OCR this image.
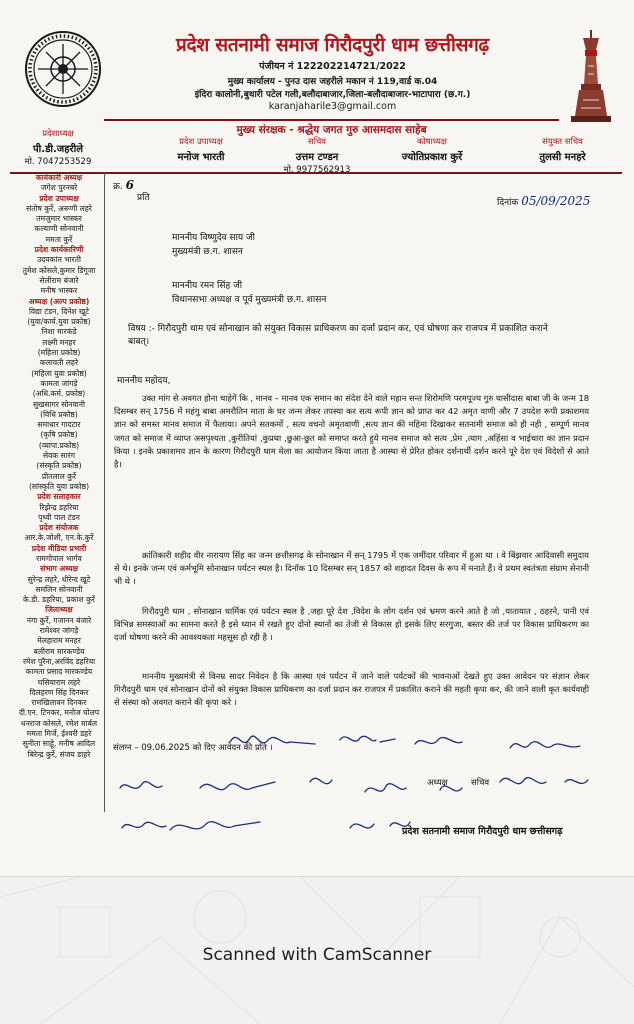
प्रदेश सतनामी समाज गिरौदपुरी धाम छत्तीसगढ़
पंजीयन नं 122202214721/2022
मुख्य कार्यालय - पुनउ दास जहरीले मकान नं 119,वार्ड क.04
इंदिरा कालोनी,बुधारी पटेल गली,बलौदाबाजार,जिला-बलौदाबाजार-भाटापारा (छ.ग.)
karanjaharile3@gmail.com
मुख्य संरक्षक - श्रद्धेय जगत गुरु आसमदास साहेब
प्रदेशाध्यक्ष
पी.डी.जहरीले
मो. 7047253529
प्रदेश उपाध्यक्ष
मनोज भारती
सचिव
उत्तम टण्डन
मो. 9977562913
कोषाध्यक्ष
ज्योतिप्रकाश कुर्रे
संयुक्त सचिव
तुलसी मनहरे
कार्यकारी अध्यक्ष
जगेश पुरनबरे
प्रदेश उपाध्यक्ष
संतोष कुर्रे, अरूणी लहरे
तमजुमार भास्कर
कल्याणी सोनवानी
ममता कुर्रे
प्रदेश कार्यकारिणी
उदयकांत भारती
तुमेश कोसले,कुमार डिगूजा
सेलीराम बंजारे
मनीष भास्कर
अध्यक्ष (अल्प प्रकोष्ठ)
विद्या टंडन, दिनेश खूटे
(युवा/कार्य.युवा प्रकोष्ठ)
निशा मारकंडे
लक्ष्मी मनहर
(महिला प्रकोष्ठ)
कलावती लहरे
(महिला युवा प्रकोष्ठ)
कामता जांगड़े
(अधि.कर्म. प्रकोष्ठ)
सुखसागर सोनवानी
(विधि प्रकोष्ठ)
समाधार गादटार
(कृषि प्रकोष्ठ)
(व्यापा.प्रकोष्ठ)
सेवक सारंग
(संस्कृति प्रकोष्ठ)
प्रीतलाल कुर्रे
(सांस्कृति युवा प्रकोष्ठ)
प्रदेश सलाहकार
रिझेन्द्र डहरिया
पृथ्वी पाल टंडन
प्रदेश संयोजक
आर.के.जोशी, एन.के.कुर्रे
प्रदेश मीडिया प्रभारी
रामगोपाल भार्गव
संभाग अध्यक्ष
सुरेन्द्र लहरे, धीरेन्द खूटे
समलिन सोनवानी
के.डी. डहरिया, प्रकाश कुर्रे
जिलाध्यक्ष
नंगा कुर्रे, गजानन बंजारे
रामेश्वर जांगड़े
मेलहाराम मनहर
बलीराम मारकण्डेय
रमेश पुरैना,अरविंद डहरिया
कामता प्रसाद मारकण्डेय
घसियाराम लहरे
दिलहरण सिंह दिनकर
रामखिलावन दिनकर
दी.एन. टिनकर, मनोज घोलप
धनराज कोसले, रमेश मार्बल
ममता मिर्जे, ईश्वरी डहरे
सुनीता साहेू, मनीष आदिल
बिरेन्द्र कुर्रे, संजय डाहरे
क्र. 6
प्रति	दिनांक 05/09/2025
माननीय विष्णुदेव साय जी
मुख्यमंत्री छ.ग. शासन
माननीय रमन सिंह जी
विधानसभा अध्यक्ष व पूर्व मुख्यमंत्री छ.ग. शासन
विषय :- गिरौदपुरी धाम एवं सोनाखान को संयुक्त विकास प्राधिकरण का दर्जा प्रदान कर, एवं घोषणा कर राजपत्र में प्रकाशित कराने बाबत्।
माननीय महोदय,

उक्त मांग से अवगत होना चाहेगें कि , मानव – मानव एक समान का संदेश देने वाले महान सन्त शिरोमणि परमपूज्य गुरु घासीदास बाबा जी के जन्म 18 दिसम्बर सन् 1756 में महंगु बाबा अमरौतिन माता के घर जन्म लेकर तपस्या कर सत्य रूपी ज्ञान को प्राप्त कर 42 अमृत वाणी और 7 उपदेश रूपी प्रकाशमय ज्ञान को समस्त मानव समाज में फैलाया। अपने सतकर्मो , सत्य वचनो अमृतवाणी ,सत्य ज्ञान की महिमा दिखाकर सतनामी समाज को ही नही , सम्पूर्ण मानव जगत को समाज में व्याप्त असपृश्यता ,कुरीतियां ,कुप्रथा ,छुआ-छुत को समाप्त करते हुये मानव समाज को सत्य ,प्रेम ,त्याग ,अहिंसा व भाईचारा का ज्ञान प्रदान किया । इनके प्रकाशमय ज्ञान के कारण गिरौदपुरी धाम मेला का आयोजन किया जाता है आस्था से प्रेरित होकर दर्शनार्थी दर्शन करने पूरे देश एवं विदेशों से आते है।

क्रांतिकारी शहीद वीर नारायण सिंह का जन्म छत्तीसगढ़ के सोनाखान में सन् 1795 में एक जमींदार परिवार में हुआ था । वे बिंझवार आदिवासी समुदाय से थे। इनके जन्म एवं कर्मभूमि सोनाखान पर्यटन स्थल है। दिनॉक 10 दिसम्बर सन् 1857 को शहादत दिवस के रूप में मनाते हैं। वे प्रथम स्वतंत्रता संग्राम सेनानी भी थे ।

गिरौदपुरी धाम , सोनाखान धार्मिक एवं पर्यटन स्थल है ,जहा पूरे देश ,विदेश के लोग दर्शन एवं भ्रमण करने आते है जो ,यातायात , ठहरने, पानी एवं विभिन्न समस्याओं का सामना करते है इसे ध्यान में रखते हुए दोनो स्थानों का तेजी से विकास हो इसके लिए सरगुजा, बस्तर की तर्ज पर विकास प्राधिकरण का दर्जा घोषणा करने की आवश्यकता महसूस हो रही है ।

माननीय मुख्यमंत्री से विनम्र सादर निवेदन है कि आस्था एवं पर्यटन में जाने वाले पर्यटकों की भावनाओं देखते हुए उक्त आवेदन पर संज्ञान लेकर गिरौदपुरी धाम एवं सोनाखान दोनों को संयुक्त विकास प्राधिकरण का दर्जा प्रदान कर राजपत्र में प्रकाशित कराने की महती कृपा कर, की जाने वाली कृत कार्यवाही से संस्था को अवगत कराने की कृपा करे ।

संलग्न – 09.06.2025 को दिए आवेदन की प्रति ।
अध्यक्ष	सचिव
प्रदेश सतनामी समाज गिरौदपुरी धाम छत्तीसगढ़
Scanned with CamScanner
